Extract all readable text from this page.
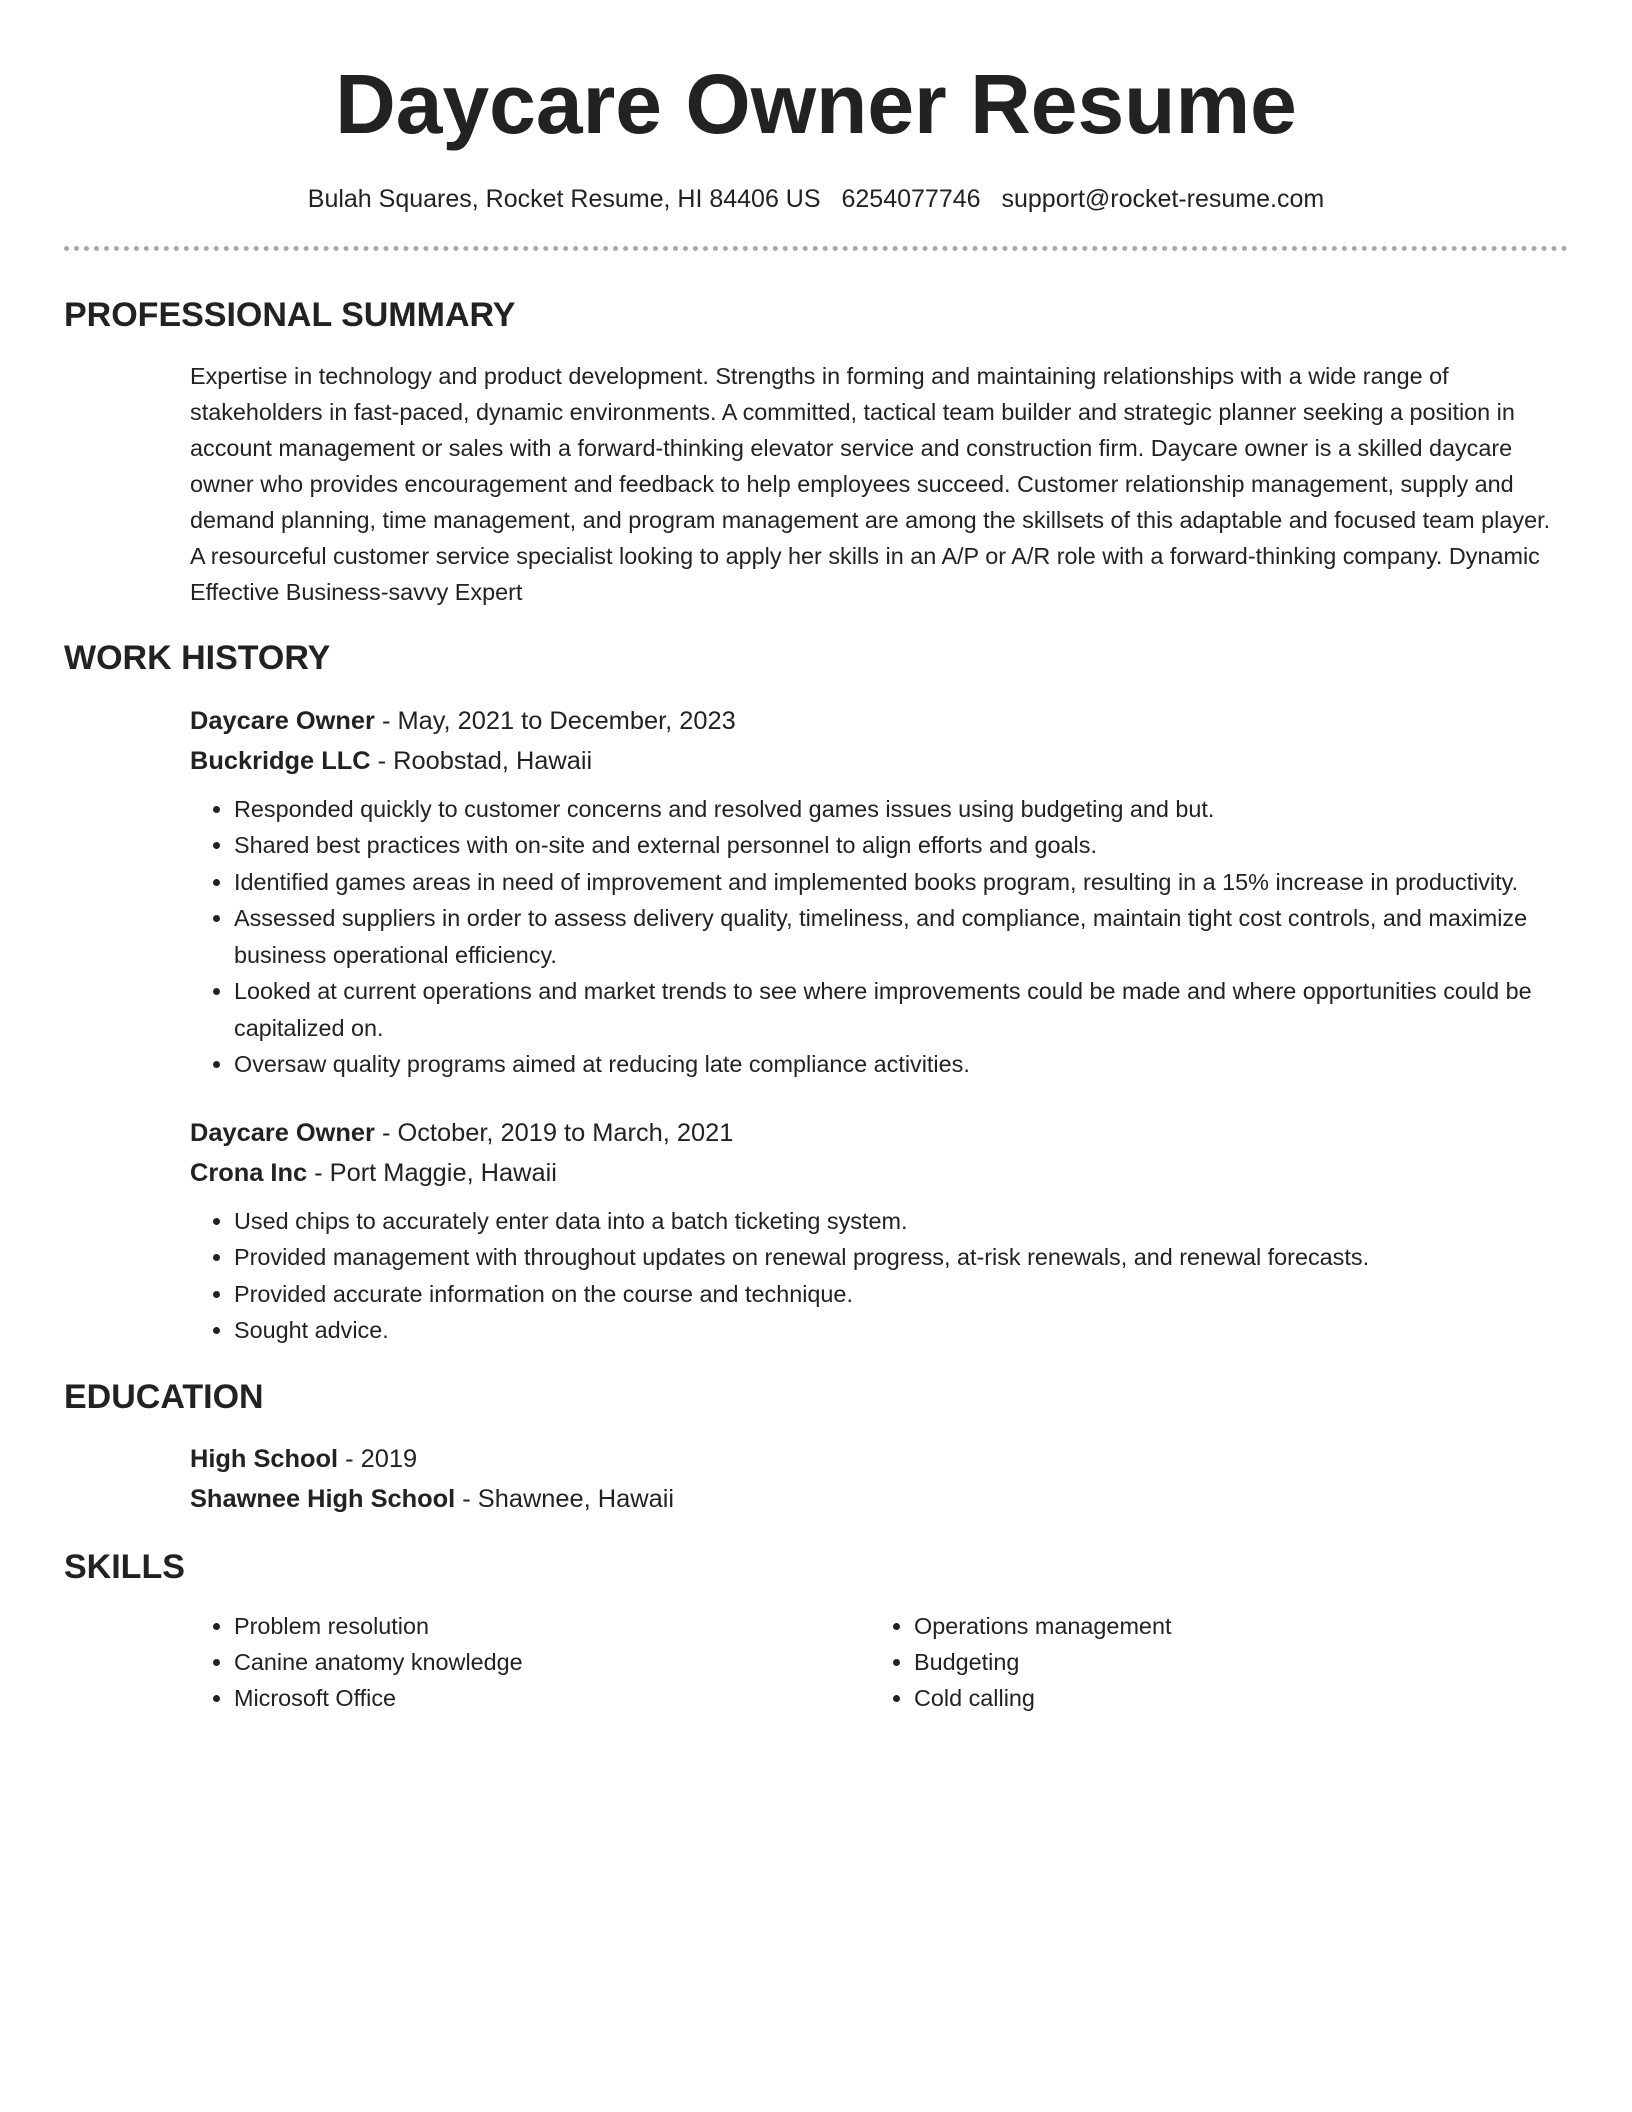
Daycare Owner Resume
Bulah Squares, Rocket Resume, HI 84406 US 6254077746 support@rocket-resume.com
PROFESSIONAL SUMMARY

Expertise in technology and product development. Strengths in forming and maintaining relationships with a wide range of stakeholders in fast-paced, dynamic environments. A committed, tactical team builder and strategic planner seeking a position in account management or sales with a forward-thinking elevator service and construction firm. Daycare owner is a skilled daycare owner who provides encouragement and feedback to help employees succeed. Customer relationship management, supply and demand planning, time management, and program management are among the skillsets of this adaptable and focused team player. A resourceful customer service specialist looking to apply her skills in an A/P or A/R role with a forward-thinking company. Dynamic Effective Business-savvy Expert

WORK HISTORY

Daycare Owner - May, 2021 to December, 2023

Buckridge LLC - Roobstad, Hawaii

• Responded quickly to customer concerns and resolved games issues using budgeting and but.
• Shared best practices with on-site and external personnel to align efforts and goals.
• Identified games areas in need of improvement and implemented books program, resulting in a 15% increase in productivity.
• Assessed suppliers in order to assess delivery quality, timeliness, and compliance, maintain tight cost controls, and maximize business operational efficiency.
• Looked at current operations and market trends to see where improvements could be made and where opportunities could be capitalized on.
• Oversaw quality programs aimed at reducing late compliance activities.

Daycare Owner - October, 2019 to March, 2021

Crona Inc - Port Maggie, Hawaii

• Used chips to accurately enter data into a batch ticketing system.
• Provided management with throughout updates on renewal progress, at-risk renewals, and renewal forecasts.
• Provided accurate information on the course and technique.
• Sought advice.
EDUCATION

High School - 2019

Shawnee High School - Shawnee, Hawaii

SKILLS
• Problem resolution
• Canine anatomy knowledge
• Microsoft Office
• Operations management
• Budgeting
• Cold calling
